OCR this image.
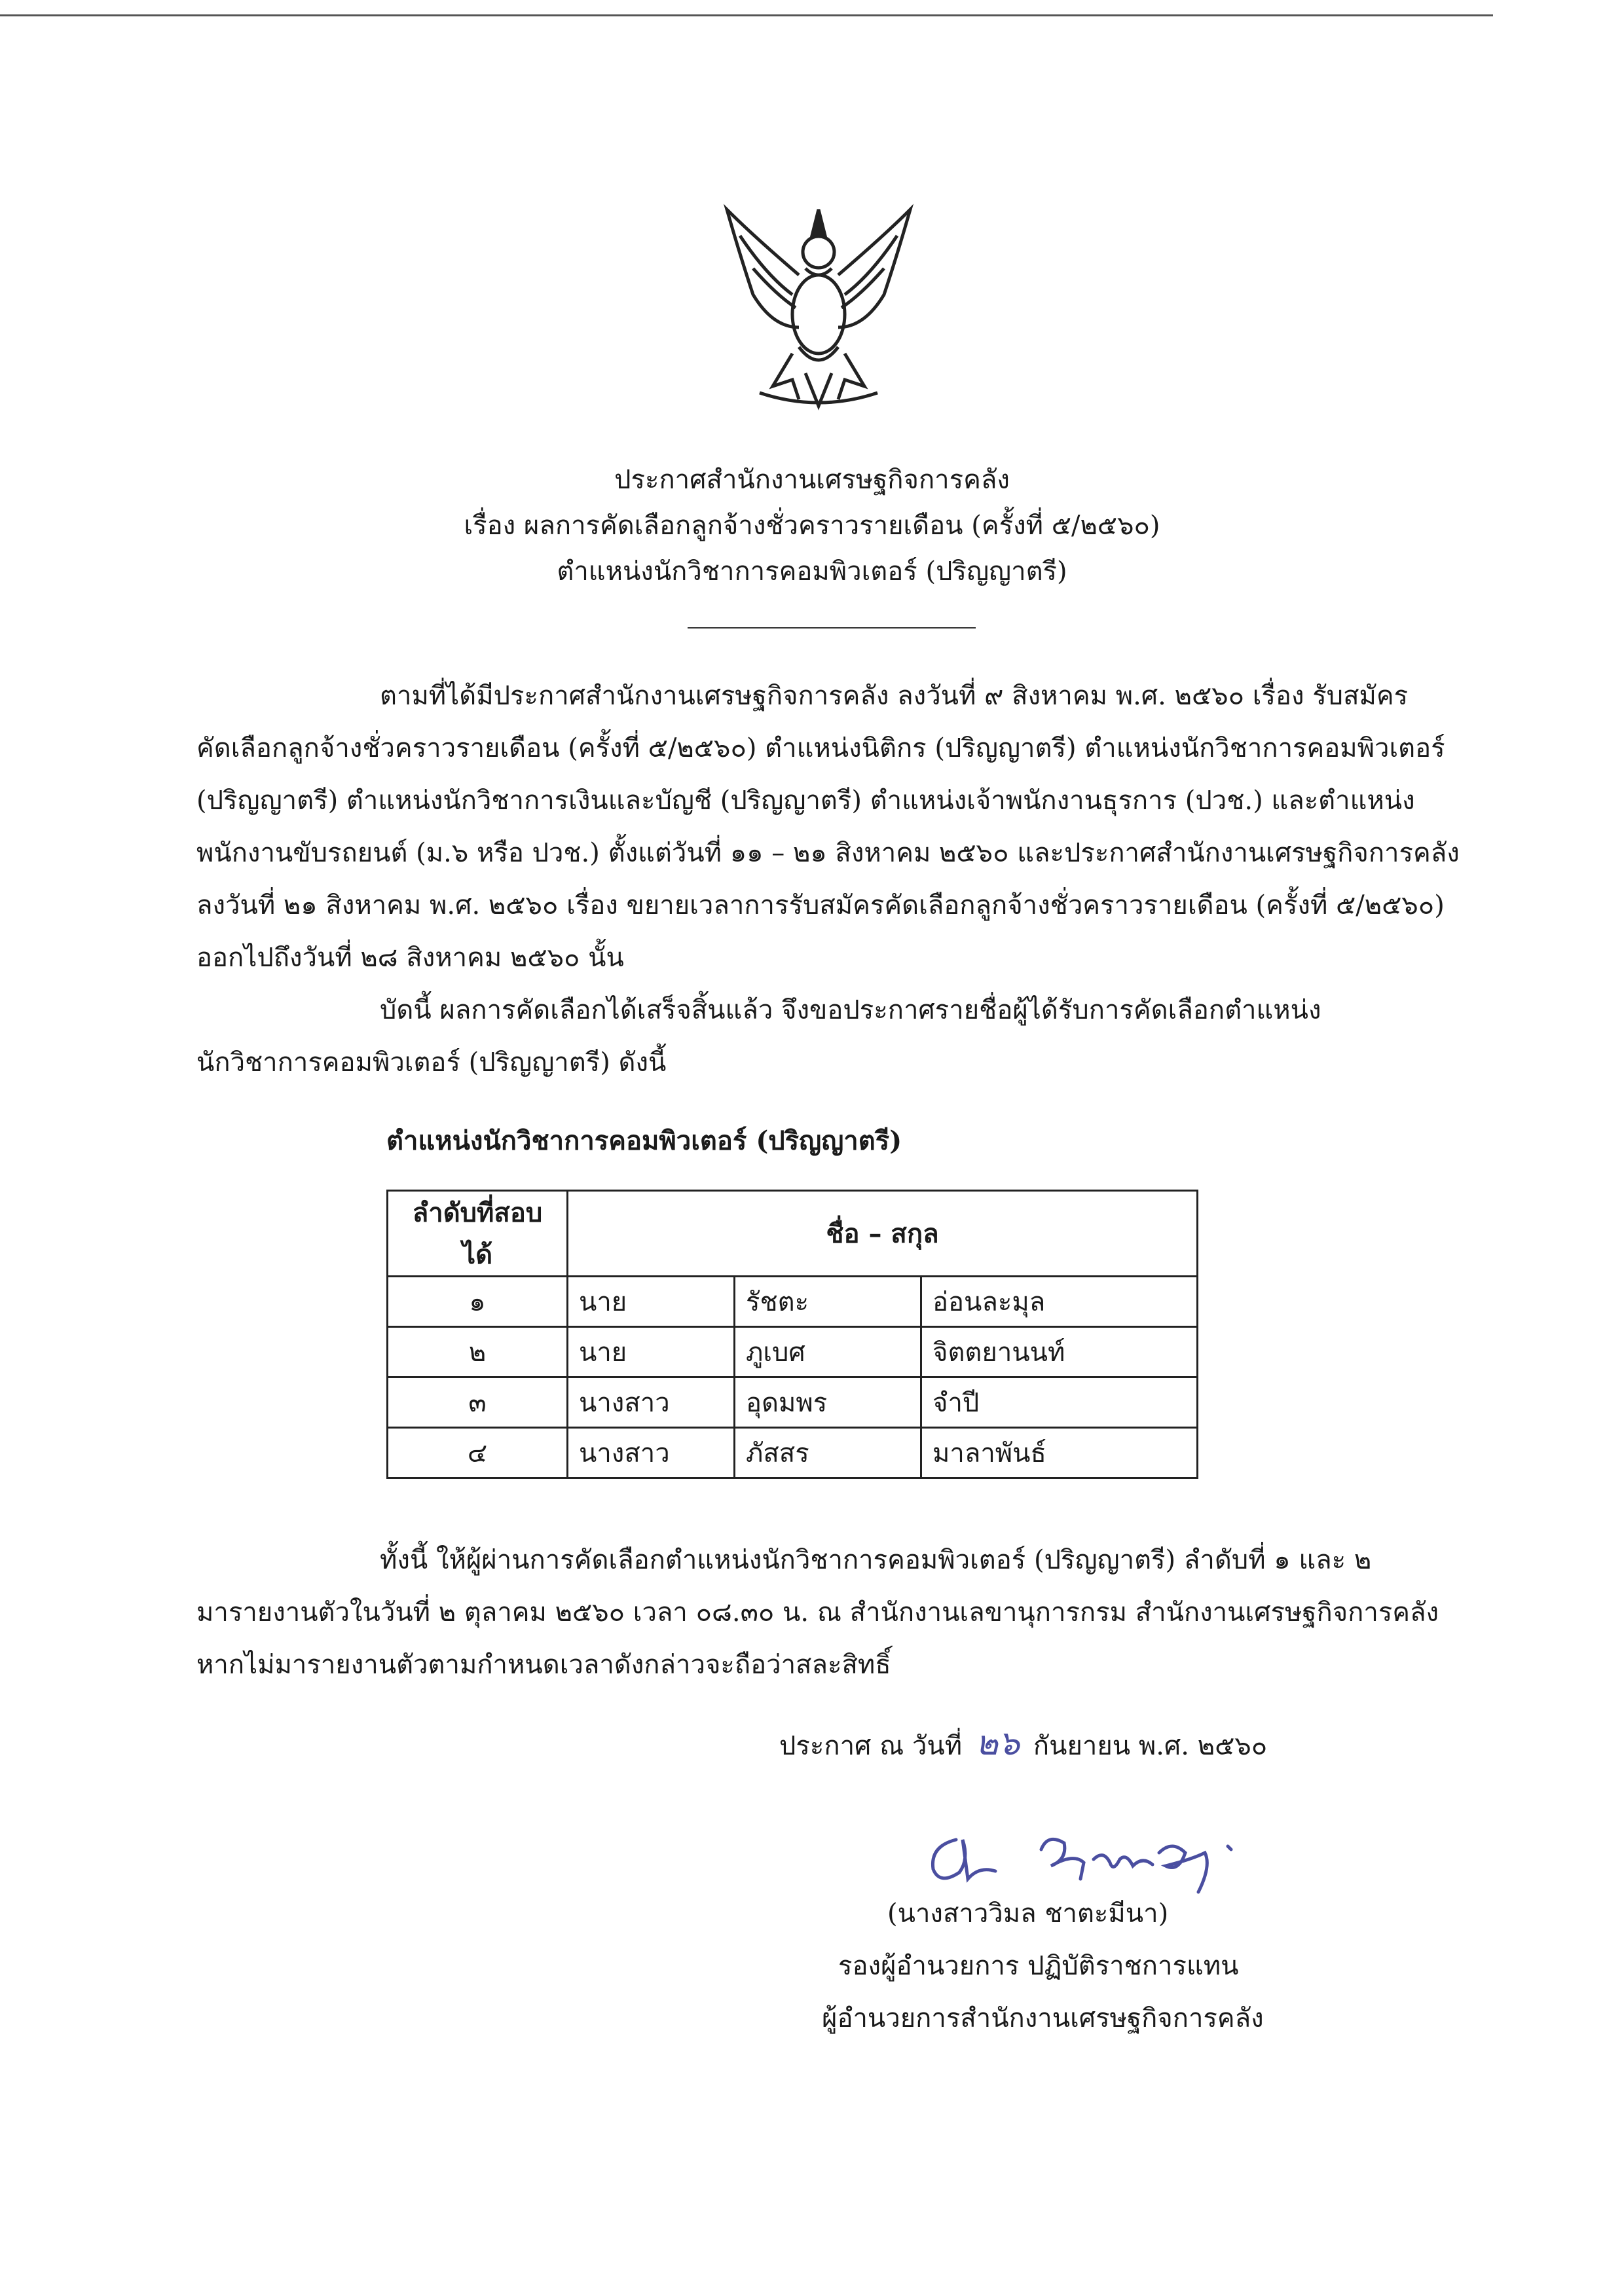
ประกาศสำนักงานเศรษฐกิจการคลัง
เรื่อง ผลการคัดเลือกลูกจ้างชั่วคราวรายเดือน (ครั้งที่ ๕/๒๕๖๐)
ตำแหน่งนักวิชาการคอมพิวเตอร์ (ปริญญาตรี)
ตามที่ได้มีประกาศสำนักงานเศรษฐกิจการคลัง ลงวันที่ ๙ สิงหาคม พ.ศ. ๒๕๖๐ เรื่อง รับสมัคร
คัดเลือกลูกจ้างชั่วคราวรายเดือน (ครั้งที่ ๕/๒๕๖๐) ตำแหน่งนิติกร (ปริญญาตรี) ตำแหน่งนักวิชาการคอมพิวเตอร์
(ปริญญาตรี) ตำแหน่งนักวิชาการเงินและบัญชี (ปริญญาตรี) ตำแหน่งเจ้าพนักงานธุรการ (ปวช.) และตำแหน่ง
พนักงานขับรถยนต์ (ม.๖ หรือ ปวช.) ตั้งแต่วันที่ ๑๑ – ๒๑ สิงหาคม ๒๕๖๐ และประกาศสำนักงานเศรษฐกิจการคลัง
ลงวันที่ ๒๑ สิงหาคม พ.ศ. ๒๕๖๐ เรื่อง ขยายเวลาการรับสมัครคัดเลือกลูกจ้างชั่วคราวรายเดือน (ครั้งที่ ๕/๒๕๖๐)
ออกไปถึงวันที่ ๒๘ สิงหาคม ๒๕๖๐ นั้น
บัดนี้ ผลการคัดเลือกได้เสร็จสิ้นแล้ว จึงขอประกาศรายชื่อผู้ได้รับการคัดเลือกตำแหน่ง
นักวิชาการคอมพิวเตอร์ (ปริญญาตรี) ดังนี้
ตำแหน่งนักวิชาการคอมพิวเตอร์ (ปริญญาตรี)
ลำดับที่สอบได้	ชื่อ – สกุล		
๑	นาย	รัชตะ	อ่อนละมุล
๒	นาย	ภูเบศ	จิตตยานนท์
๓	นางสาว	อุดมพร	จำปี
๔	นางสาว	ภัสสร	มาลาพันธ์
ทั้งนี้ ให้ผู้ผ่านการคัดเลือกตำแหน่งนักวิชาการคอมพิวเตอร์ (ปริญญาตรี) ลำดับที่ ๑ และ ๒
มารายงานตัวในวันที่ ๒ ตุลาคม ๒๕๖๐ เวลา ๐๘.๓๐ น. ณ สำนักงานเลขานุการกรม สำนักงานเศรษฐกิจการคลัง
หากไม่มารายงานตัวตามกำหนดเวลาดังกล่าวจะถือว่าสละสิทธิ์
ประกาศ ณ วันที่ ๒๖ กันยายน พ.ศ. ๒๕๖๐
(นางสาววิมล ชาตะมีนา)
รองผู้อำนวยการ ปฏิบัติราชการแทน
ผู้อำนวยการสำนักงานเศรษฐกิจการคลัง
